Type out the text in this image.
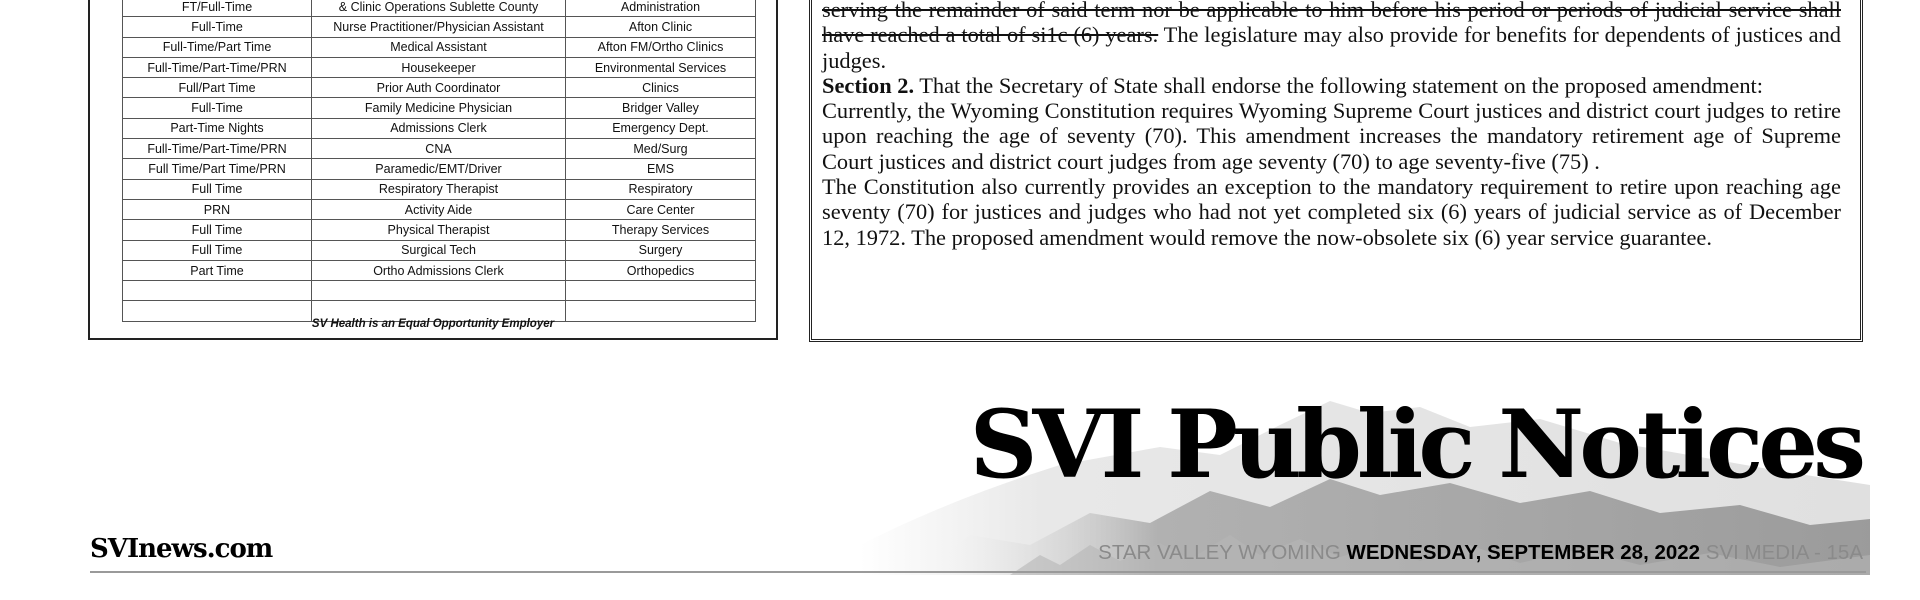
FT/Full-Time	& Clinic Operations Sublette County	Administration
Full-Time	Nurse Practitioner/Physician Assistant	Afton Clinic
Full-Time/Part Time	Medical Assistant	Afton FM/Ortho Clinics
Full-Time/Part-Time/PRN	Housekeeper	Environmental Services
Full/Part Time	Prior Auth Coordinator	Clinics
Full-Time	Family Medicine Physician	Bridger Valley
Part-Time Nights	Admissions Clerk	Emergency Dept.
Full-Time/Part-Time/PRN	CNA	Med/Surg
Full Time/Part Time/PRN	Paramedic/EMT/Driver	EMS
Full Time	Respiratory Therapist	Respiratory
PRN	Activity Aide	Care Center
Full Time	Physical Therapist	Therapy Services
Full Time	Surgical Tech	Surgery
Part Time	Ortho Admissions Clerk	Orthopedics

SV Health is an Equal Opportunity Employer

serving the remainder of said term nor be applicable to him before his period or periods of judicial service shall have reached a total of si1c (6) years. The legislature may also provide for benefits for dependents of justices and judges.

Section 2. That the Secretary of State shall endorse the following statement on the proposed amendment:

Currently, the Wyoming Constitution requires Wyoming Supreme Court justices and district court judges to retire upon reaching the age of seventy (70). This amendment increases the mandatory retirement age of Supreme Court justices and district court judges from age seventy (70) to age seventy-five (75) .

The Constitution also currently provides an exception to the mandatory requirement to retire upon reaching age seventy (70) for justices and judges who had not yet completed six (6) years of judicial service as of December 12, 1972. The proposed amendment would remove the now-obsolete six (6) year service guarantee.

SVI Public Notices
SVInews.com	STAR VALLEY WYOMING WEDNESDAY, SEPTEMBER 28, 2022 SVI MEDIA - 15A
